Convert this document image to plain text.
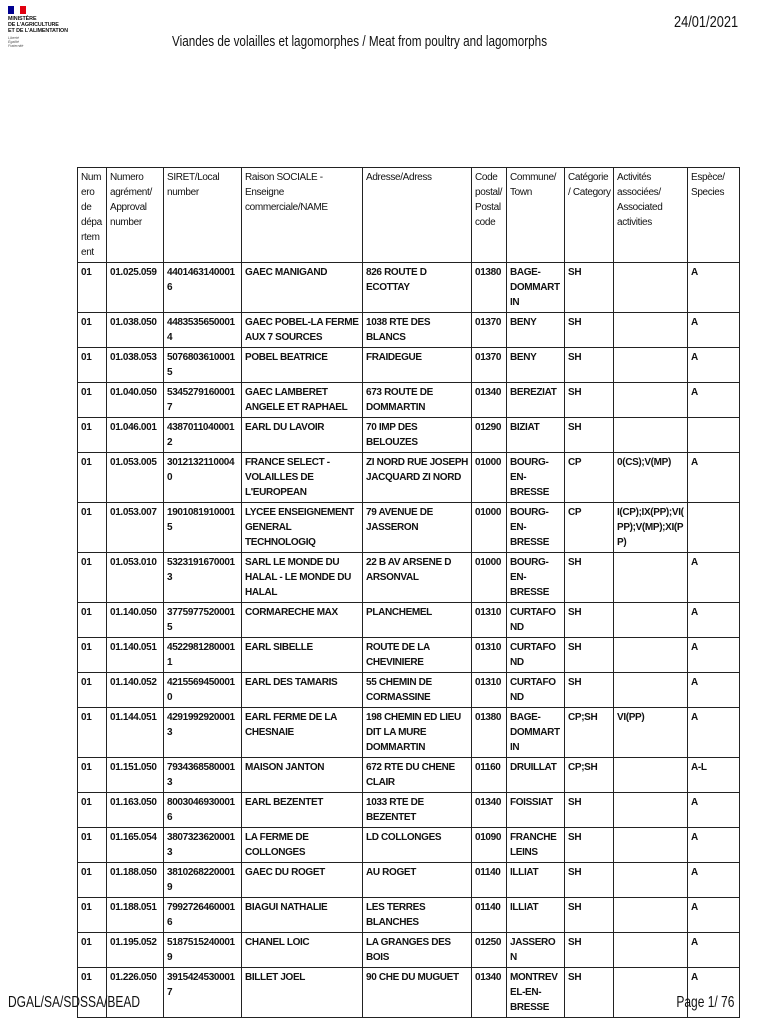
MINISTÈRE
DE L'AGRICULTURE
ET DE L'ALIMENTATION
Liberté
Égalité
Fraternité	Viandes de volailles et lagomorphes / Meat from poultry and lagomorphs
24/01/2021
Num ero de dépa rtem ent	Numero agrément/ Approval number	SIRET/Local number	Raison SOCIALE - Enseigne commerciale/NAME	Adresse/Adress	Code postal/ Postal code	Commune/ Town	Catégorie / Category	Activités associées/ Associated activities	Espèce/ Species
01	01.025.059	44014631400016	GAEC MANIGAND	826 ROUTE D ECOTTAY	01380	BAGE-DOMMARTIN	SH		A
01	01.038.050	44835356500014	GAEC POBEL-LA FERME AUX 7 SOURCES	1038 RTE DES BLANCS	01370	BENY	SH		A
01	01.038.053	50768036100015	POBEL BEATRICE	FRAIDEGUE	01370	BENY	SH		A
01	01.040.050	53452791600017	GAEC LAMBERET ANGELE ET RAPHAEL	673 ROUTE DE DOMMARTIN	01340	BEREZIAT	SH		A
01	01.046.001	43870110400012	EARL DU LAVOIR	70 IMP DES BELOUZES	01290	BIZIAT	SH		
01	01.053.005	30121321100040	FRANCE SELECT - VOLAILLES DE L'EUROPEAN	ZI NORD RUE JOSEPH JACQUARD ZI NORD	01000	BOURG-EN-BRESSE	CP	0(CS);V(MP)	A
01	01.053.007	19010819100015	LYCEE ENSEIGNEMENT GENERAL TECHNOLOGIQ	79 AVENUE DE JASSERON	01000	BOURG-EN-BRESSE	CP	I(CP);IX(PP);VI(PP);V(MP);XI(PP)	
01	01.053.010	53231916700013	SARL LE MONDE DU HALAL - LE MONDE DU HALAL	22 B AV ARSENE D ARSONVAL	01000	BOURG-EN-BRESSE	SH		A
01	01.140.050	37759775200015	CORMARECHE MAX	PLANCHEMEL	01310	CURTAFOND	SH		A
01	01.140.051	45229812800011	EARL SIBELLE	ROUTE DE LA CHEVINIERE	01310	CURTAFOND	SH		A
01	01.140.052	42155694500010	EARL DES TAMARIS	55 CHEMIN DE CORMASSINE	01310	CURTAFOND	SH		A
01	01.144.051	42919929200013	EARL FERME DE LA CHESNAIE	198 CHEMIN ED LIEU DIT LA MURE DOMMARTIN	01380	BAGE-DOMMARTIN	CP;SH	VI(PP)	A
01	01.151.050	79343685800013	MAISON JANTON	672 RTE DU CHENE CLAIR	01160	DRUILLAT	CP;SH		A-L
01	01.163.050	80030469300016	EARL BEZENTET	1033 RTE DE BEZENTET	01340	FOISSIAT	SH		A
01	01.165.054	38073236200013	LA FERME DE COLLONGES	LD COLLONGES	01090	FRANCHELEINS	SH		A
01	01.188.050	38102682200019	GAEC DU ROGET	AU ROGET	01140	ILLIAT	SH		A
01	01.188.051	79927264600016	BIAGUI NATHALIE	LES TERRES BLANCHES	01140	ILLIAT	SH		A
01	01.195.052	51875152400019	CHANEL LOIC	LA GRANGES DES BOIS	01250	JASSERON	SH		A
01	01.226.050	39154245300017	BILLET JOEL	90 CHE DU MUGUET	01340	MONTREVEL-EN-BRESSE	SH		A
DGAL/SA/SDSSA/BEAD	Page 1/ 76
